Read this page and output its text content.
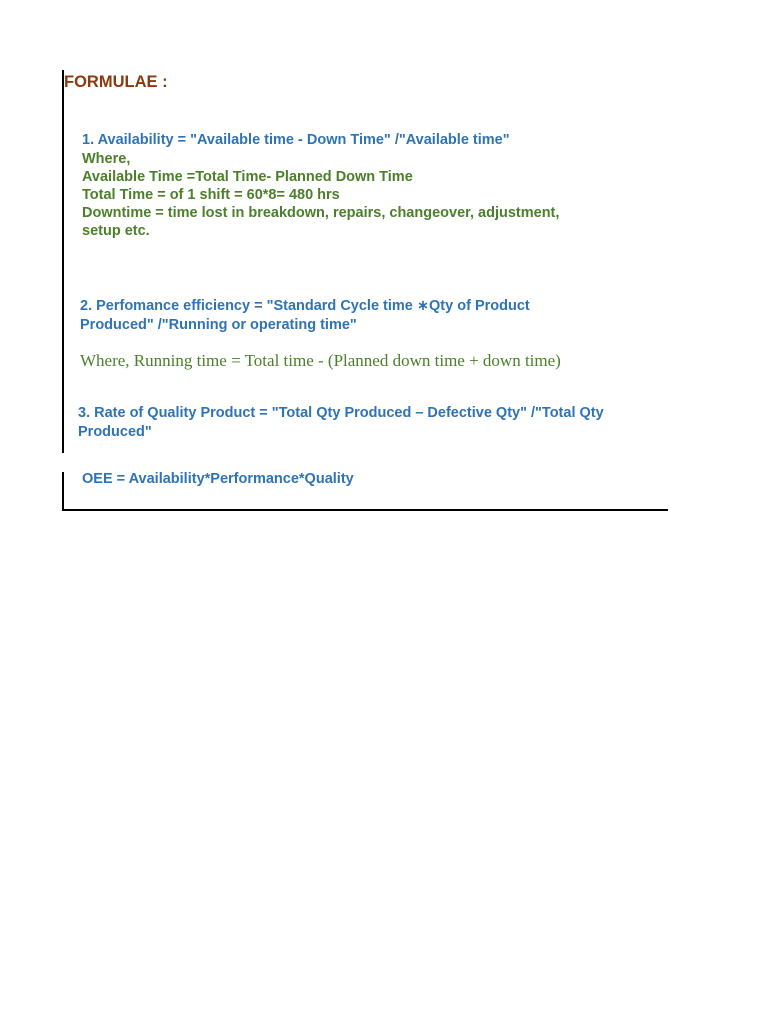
FORMULAE :

1. Availability = "Available time - Down Time" /"Available time"

Where,

Available Time =Total Time- Planned Down Time

Total Time = of 1 shift = 60*8= 480 hrs

Downtime = time lost in breakdown, repairs, changeover, adjustment,

setup etc.

2. Perfomance efficiency = "Standard Cycle time ∗Qty of Product

Produced" /"Running or operating time"

Where, Running time = Total time - (Planned down time + down time)

3. Rate of Quality Product = "Total Qty Produced – Defective Qty" /"Total Qty

Produced"

OEE = Availability*Performance*Quality
